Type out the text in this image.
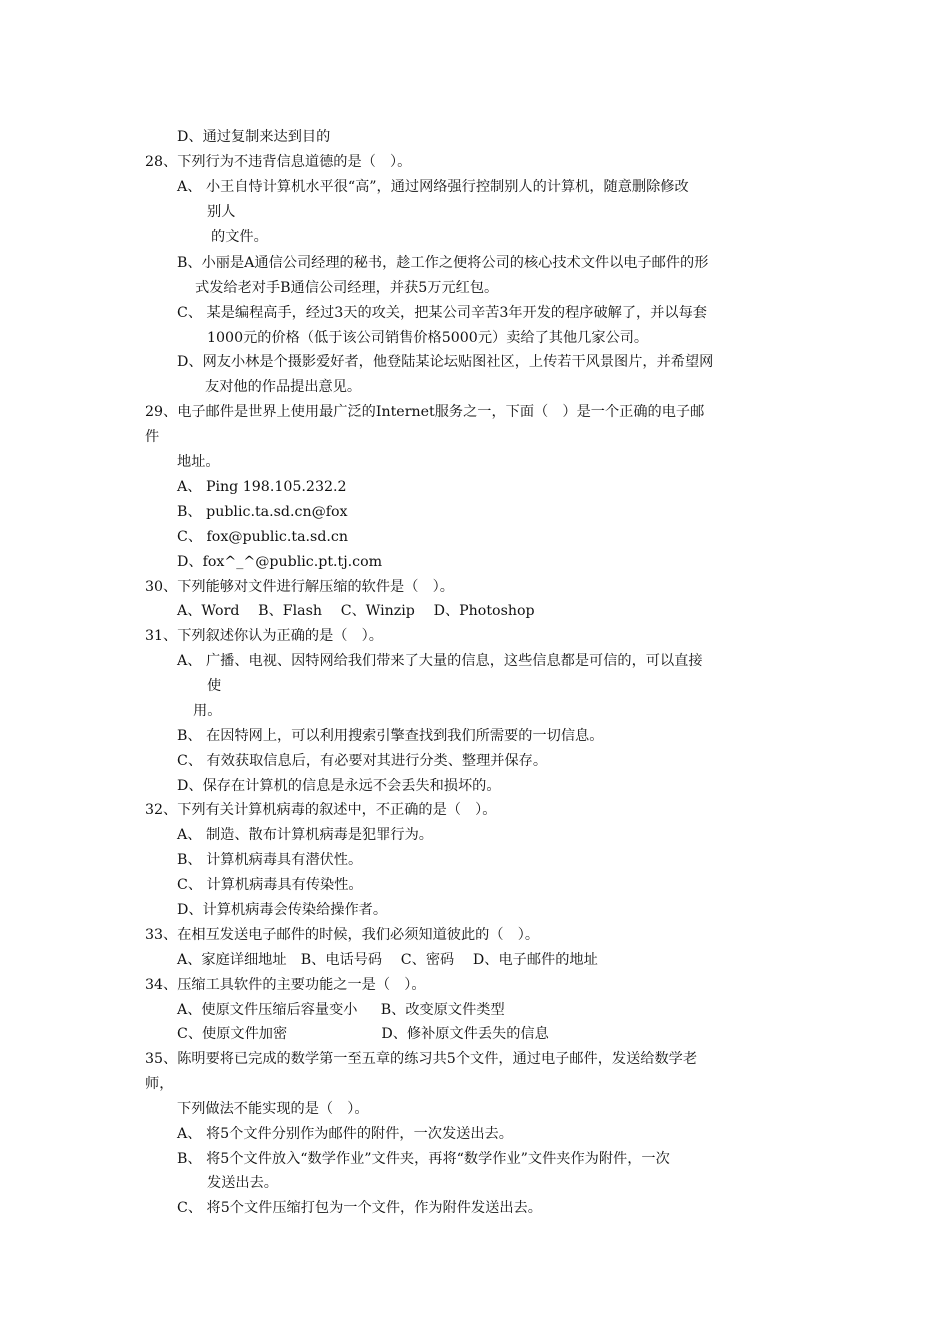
D、通过复制来达到目的
28、下列行为不违背信息道德的是（　）。
A、 小王自恃计算机水平很“高”，通过网络强行控制别人的计算机，随意删除修改
别人
的文件。
B、小丽是A通信公司经理的秘书，趁工作之便将公司的核心技术文件以电子邮件的形
式发给老对手B通信公司经理，并获5万元红包。
C、 某是编程高手，经过3天的攻关，把某公司辛苦3年开发的程序破解了，并以每套
1000元的价格（低于该公司销售价格5000元）卖给了其他几家公司。
D、网友小林是个摄影爱好者，他登陆某论坛贴图社区，上传若干风景图片，并希望网
友对他的作品提出意见。
29、电子邮件是世界上使用最广泛的Internet服务之一，下面（　）是一个正确的电子邮
件
地址。
A、 Ping 198.105.232.2
B、 public.ta.sd.cn@fox
C、 fox@public.ta.sd.cn
D、fox^_^@public.pt.tj.com
30、下列能够对文件进行解压缩的软件是（　）。
A、Word　 B、Flash　 C、Winzip　 D、Photoshop
31、下列叙述你认为正确的是（　）。
A、 广播、电视、因特网给我们带来了大量的信息，这些信息都是可信的，可以直接
使
用。
B、 在因特网上，可以利用搜索引擎查找到我们所需要的一切信息。
C、 有效获取信息后，有必要对其进行分类、整理并保存。
D、保存在计算机的信息是永远不会丢失和损坏的。
32、下列有关计算机病毒的叙述中，不正确的是（　）。
A、 制造、散布计算机病毒是犯罪行为。
B、 计算机病毒具有潜伏性。
C、 计算机病毒具有传染性。
D、计算机病毒会传染给操作者。
33、在相互发送电子邮件的时候，我们必须知道彼此的（　）。
A、家庭详细地址　B、电话号码　 C、密码　 D、电子邮件的地址
34、压缩工具软件的主要功能之一是（　）。
A、使原文件压缩后容量变小　  B、改变原文件类型
C、使原文件加密　　　　　　  D、修补原文件丢失的信息
35、陈明要将已完成的数学第一至五章的练习共5个文件，通过电子邮件，发送给数学老
师，
下列做法不能实现的是（　）。
A、 将5个文件分别作为邮件的附件，一次发送出去。
B、 将5个文件放入“数学作业”文件夹，再将“数学作业”文件夹作为附件，一次
发送出去。
C、 将5个文件压缩打包为一个文件，作为附件发送出去。
